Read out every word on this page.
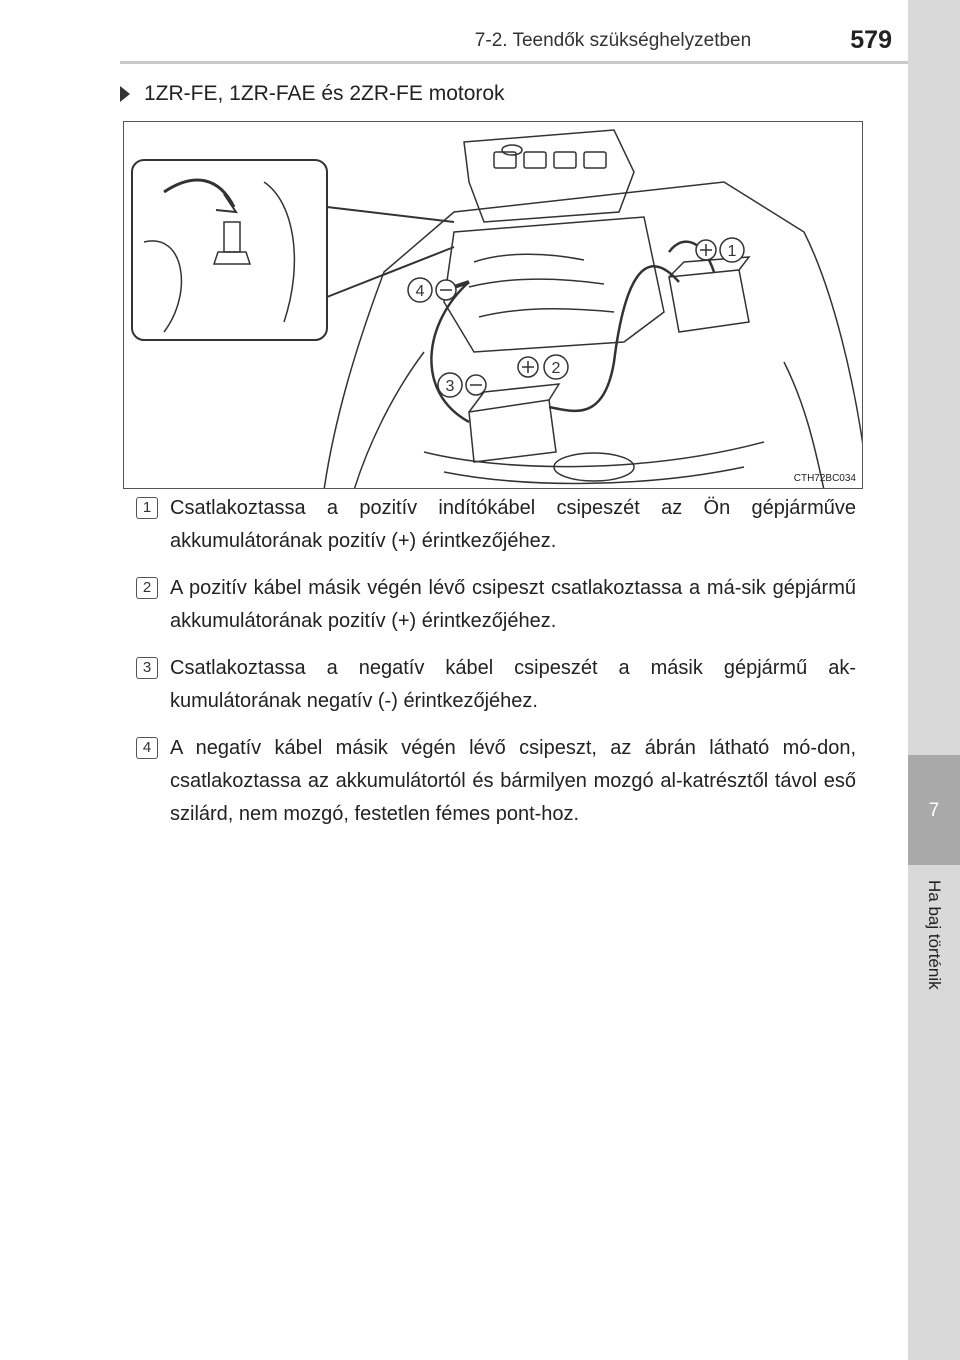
7-2. Teendők szükséghelyzetben	579
7
Ha baj történik
1ZR-FE, 1ZR-FAE és 2ZR-FE motorok
1
2
3
4
CTH72BC034
1 Csatlakoztassa a pozitív indítókábel csipeszét az Ön gépjárműve akkumulátorának pozitív (+) érintkezőjéhez.
2 A pozitív kábel másik végén lévő csipeszt csatlakoztassa a má-sik gépjármű akkumulátorának pozitív (+) érintkezőjéhez.
3 Csatlakoztassa a negatív kábel csipeszét a másik gépjármű ak-kumulátorának negatív (-) érintkezőjéhez.
4 A negatív kábel másik végén lévő csipeszt, az ábrán látható mó-don, csatlakoztassa az akkumulátortól és bármilyen mozgó al-katrésztől távol eső szilárd, nem mozgó, festetlen fémes pont-hoz.
